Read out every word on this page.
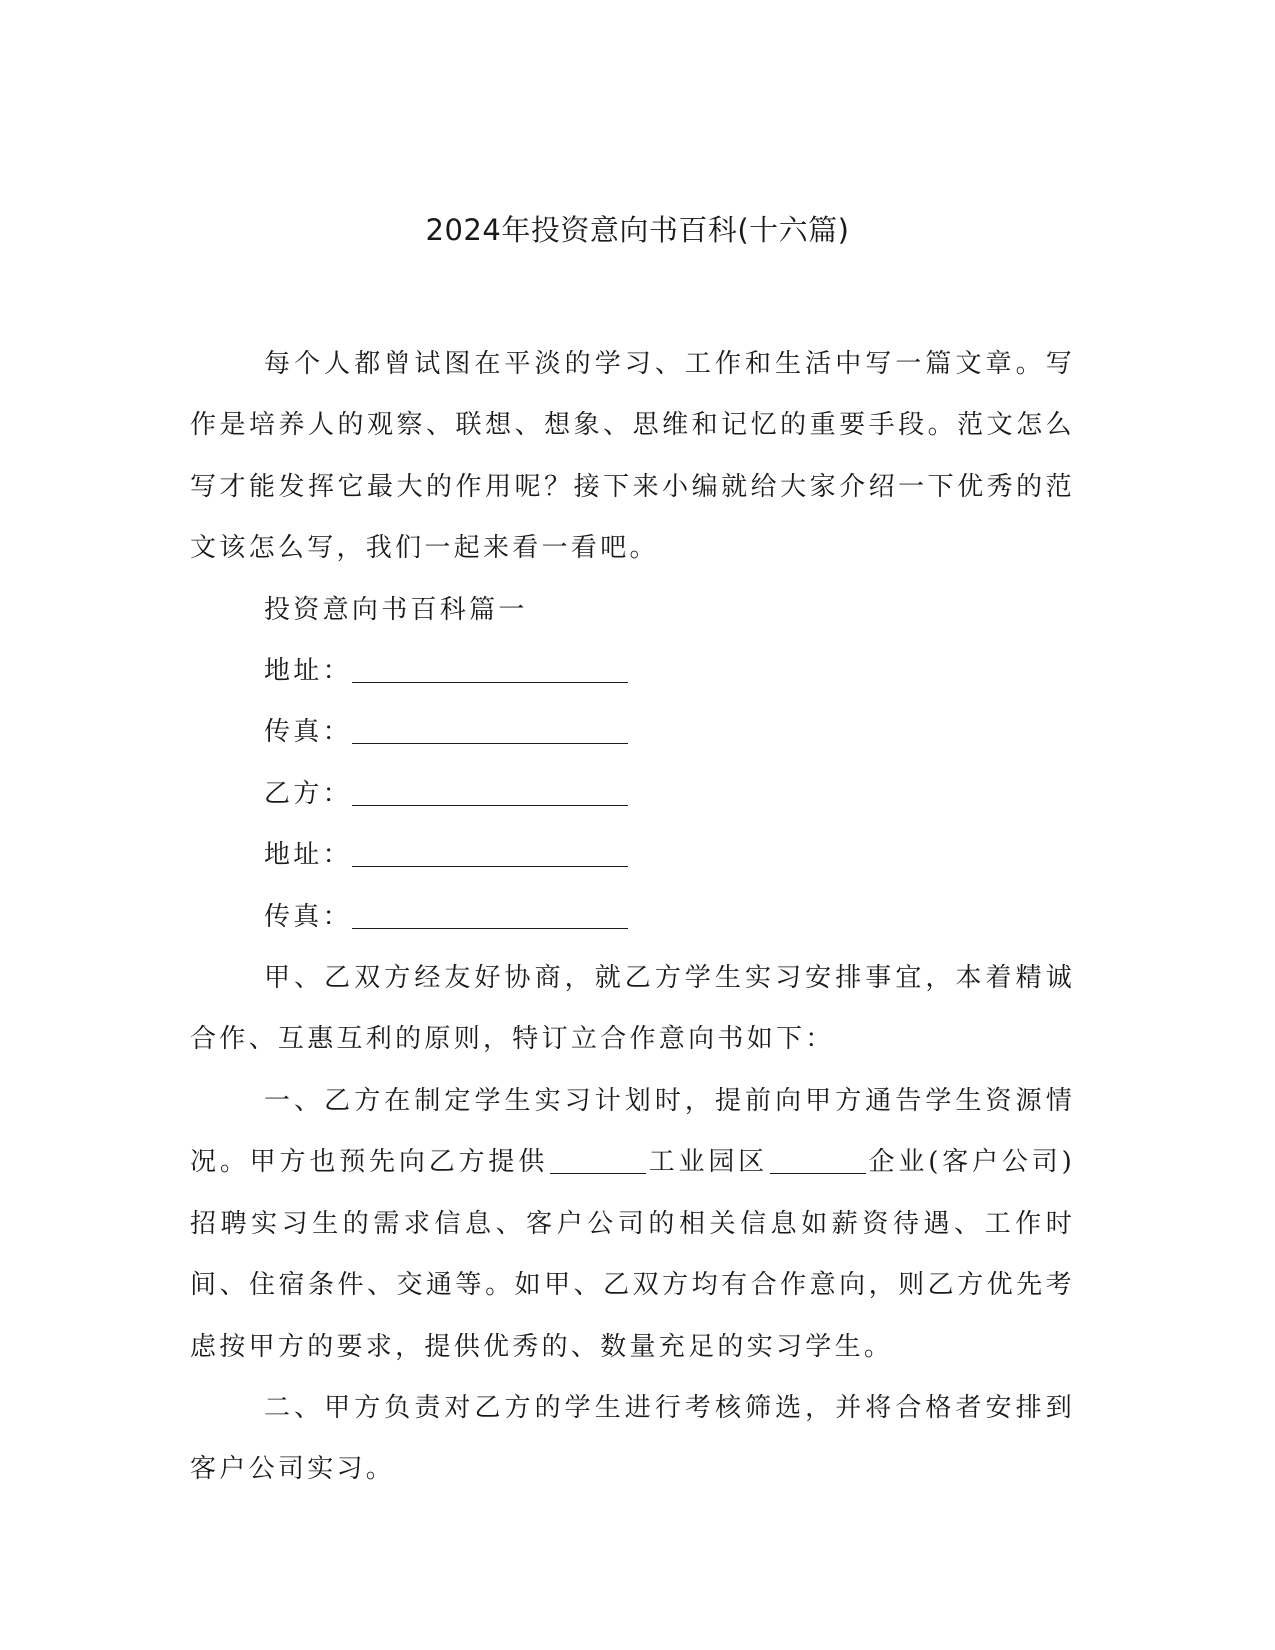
2024年投资意向书百科(十六篇)

每个人都曾试图在平淡的学习、工作和生活中写一篇文章。写作是培养人的观察、联想、想象、思维和记忆的重要手段。范文怎么写才能发挥它最大的作用呢？接下来小编就给大家介绍一下优秀的范文该怎么写，我们一起来看一看吧。

投资意向书百科篇一

地址：

传真：

乙方：

地址：

传真：

甲、乙双方经友好协商，就乙方学生实习安排事宜，本着精诚合作、互惠互利的原则，特订立合作意向书如下：

一、乙方在制定学生实习计划时，提前向甲方通告学生资源情况。甲方也预先向乙方提供	工业园区	企业(客户公司)招聘实习生的需求信息、客户公司的相关信息如薪资待遇、工作时间、住宿条件、交通等。如甲、乙双方均有合作意向，则乙方优先考虑按甲方的要求，提供优秀的、数量充足的实习学生。

二、甲方负责对乙方的学生进行考核筛选，并将合格者安排到客户公司实习。
